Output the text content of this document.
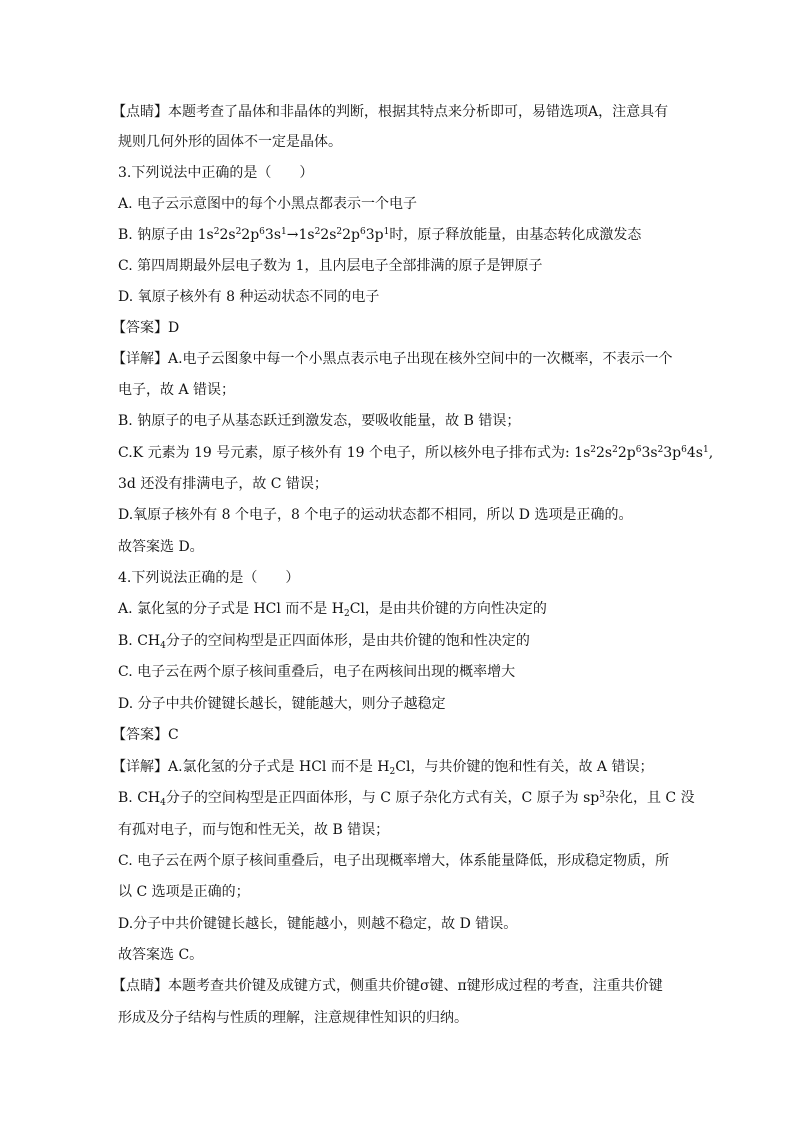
【点睛】本题考查了晶体和非晶体的判断，根据其特点来分析即可，易错选项A，注意具有
规则几何外形的固体不一定是晶体。
3.下列说法中正确的是（　　）
A. 电子云示意图中的每个小黑点都表示一个电子
B. 钠原子由 $1s^22s^22p^63s^1\to 1s^22s^22p^63p^1$时，原子释放能量，由基态转化成激发态
C. 第四周期最外层电子数为 1，且内层电子全部排满的原子是钾原子
D. 氧原子核外有 8 种运动状态不同的电子
【答案】D
【详解】A.电子云图象中每一个小黑点表示电子出现在核外空间中的一次概率，不表示一个
电子，故 A 错误；
B. 钠原子的电子从基态跃迁到激发态，要吸收能量，故 B 错误；
C.K 元素为 19 号元素，原子核外有 19 个电子，所以核外电子排布式为: $1s^22s^22p^63s^23p^64s^1$,
3d 还没有排满电子，故 C 错误；
D.氧原子核外有 8 个电子，8 个电子的运动状态都不相同，所以 D 选项是正确的。
故答案选 D。
4.下列说法正确的是（　　）
A. 氯化氢的分子式是 HCl 而不是 $H_2Cl$，是由共价键的方向性决定的
B. $CH_4$分子的空间构型是正四面体形，是由共价键的饱和性决定的
C. 电子云在两个原子核间重叠后，电子在两核间出现的概率增大
D. 分子中共价键键长越长，键能越大，则分子越稳定
【答案】C
【详解】A.氯化氢的分子式是 HCl 而不是 $H_2Cl$，与共价键的饱和性有关，故 A 错误；
B. $CH_4$分子的空间构型是正四面体形，与 C 原子杂化方式有关，C 原子为 $sp^3$杂化，且 C 没
有孤对电子，而与饱和性无关，故 B 错误；
C. 电子云在两个原子核间重叠后，电子出现概率增大，体系能量降低，形成稳定物质，所
以 C 选项是正确的；
D.分子中共价键键长越长，键能越小，则越不稳定，故 D 错误。
故答案选 C。
【点睛】本题考查共价键及成键方式，侧重共价键σ键、π键形成过程的考查，注重共价键
形成及分子结构与性质的理解，注意规律性知识的归纳。
